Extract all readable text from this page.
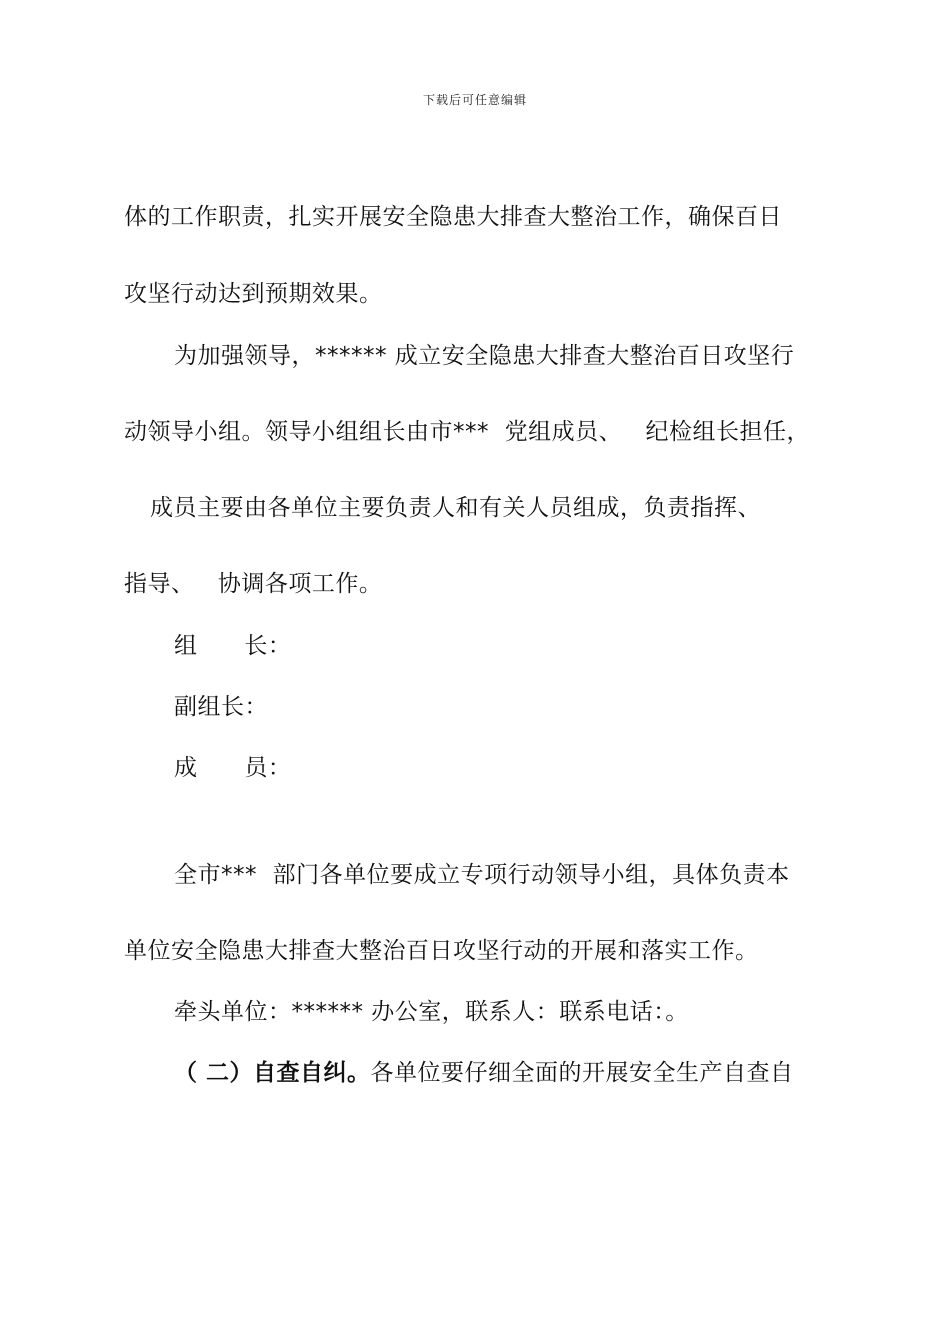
下载后可任意编辑
体的工作职责，扎实开展安全隐患大排查大整治工作，确保百日
攻坚行动达到预期效果。
为加强领导，****** 成立安全隐患大排查大整治百日攻坚行
动领导小组。领导小组组长由市***  党组成员、   纪检组长担任，
成员主要由各单位主要负责人和有关人员组成，负责指挥、
指导、   协调各项工作。
组      长：
副组长：
成      员：
全市***  部门各单位要成立专项行动领导小组，具体负责本
单位安全隐患大排查大整治百日攻坚行动的开展和落实工作。
牵头单位：****** 办公室，联系人：联系电话：。
（ 二）自查自纠。各单位要仔细全面的开展安全生产自查自
